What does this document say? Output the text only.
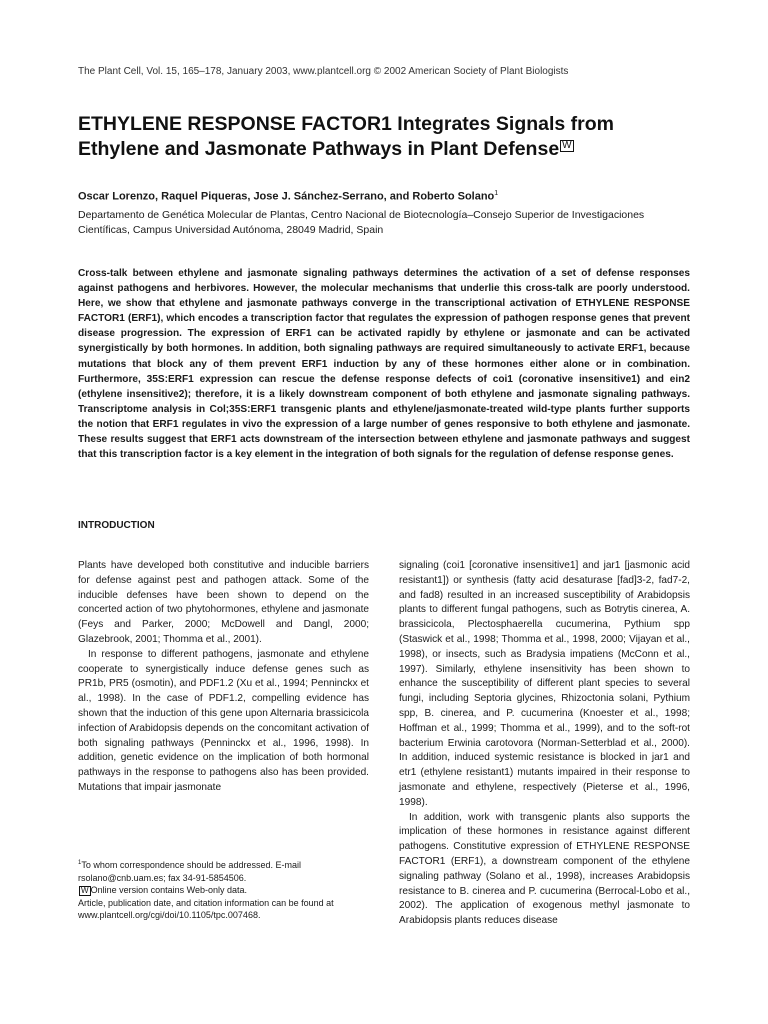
The Plant Cell, Vol. 15, 165–178, January 2003, www.plantcell.org © 2002 American Society of Plant Biologists
ETHYLENE RESPONSE FACTOR1 Integrates Signals from Ethylene and Jasmonate Pathways in Plant Defense W
Oscar Lorenzo, Raquel Piqueras, Jose J. Sánchez-Serrano, and Roberto Solano$^1$
Departamento de Genética Molecular de Plantas, Centro Nacional de Biotecnología–Consejo Superior de Investigaciones Científicas, Campus Universidad Autónoma, 28049 Madrid, Spain

Cross-talk between ethylene and jasmonate signaling pathways determines the activation of a set of defense responses against pathogens and herbivores. However, the molecular mechanisms that underlie this cross-talk are poorly understood. Here, we show that ethylene and jasmonate pathways converge in the transcriptional activation of ETHYLENE RESPONSE FACTOR1 (ERF1), which encodes a transcription factor that regulates the expression of pathogen response genes that prevent disease progression. The expression of ERF1 can be activated rapidly by ethylene or jasmonate and can be activated synergistically by both hormones. In addition, both signaling pathways are required simultaneously to activate ERF1, because mutations that block any of them prevent ERF1 induction by any of these hormones either alone or in combination. Furthermore, 35S:ERF1 expression can rescue the defense response defects of coi1 (coronative insensitive1) and ein2 (ethylene insensitive2); therefore, it is a likely downstream component of both ethylene and jasmonate signaling pathways. Transcriptome analysis in Col;35S:ERF1 transgenic plants and ethylene/jasmonate-treated wild-type plants further supports the notion that ERF1 regulates in vivo the expression of a large number of genes responsive to both ethylene and jasmonate. These results suggest that ERF1 acts downstream of the intersection between ethylene and jasmonate pathways and suggest that this transcription factor is a key element in the integration of both signals for the regulation of defense response genes.

INTRODUCTION

Plants have developed both constitutive and inducible barriers for defense against pest and pathogen attack. Some of the inducible defenses have been shown to depend on the concerted action of two phytohormones, ethylene and jasmonate (Feys and Parker, 2000; McDowell and Dangl, 2000; Glazebrook, 2001; Thomma et al., 2001).

In response to different pathogens, jasmonate and ethylene cooperate to synergistically induce defense genes such as PR1b, PR5 (osmotin), and PDF1.2 (Xu et al., 1994; Penninckx et al., 1998). In the case of PDF1.2, compelling evidence has shown that the induction of this gene upon Alternaria brassicicola infection of Arabidopsis depends on the concomitant activation of both signaling pathways (Penninckx et al., 1996, 1998). In addition, genetic evidence on the implication of both hormonal pathways in the response to pathogens also has been provided. Mutations that impair jasmonate

signaling (coi1 [coronative insensitive1] and jar1 [jasmonic acid resistant1]) or synthesis (fatty acid desaturase [fad]3-2, fad7-2, and fad8) resulted in an increased susceptibility of Arabidopsis plants to different fungal pathogens, such as Botrytis cinerea, A. brassicicola, Plectosphaerella cucumerina, Pythium spp (Staswick et al., 1998; Thomma et al., 1998, 2000; Vijayan et al., 1998), or insects, such as Bradysia impatiens (McConn et al., 1997). Similarly, ethylene insensitivity has been shown to enhance the susceptibility of different plant species to several fungi, including Septoria glycines, Rhizoctonia solani, Pythium spp, B. cinerea, and P. cucumerina (Knoester et al., 1998; Hoffman et al., 1999; Thomma et al., 1999), and to the soft-rot bacterium Erwinia carotovora (Norman-Setterblad et al., 2000). In addition, induced systemic resistance is blocked in jar1 and etr1 (ethylene resistant1) mutants impaired in their response to jasmonate and ethylene, respectively (Pieterse et al., 1996, 1998).

In addition, work with transgenic plants also supports the implication of these hormones in resistance against different pathogens. Constitutive expression of ETHYLENE RESPONSE FACTOR1 (ERF1), a downstream component of the ethylene signaling pathway (Solano et al., 1998), increases Arabidopsis resistance to B. cinerea and P. cucumerina (Berrocal-Lobo et al., 2002). The application of exogenous methyl jasmonate to Arabidopsis plants reduces disease

$^1$To whom correspondence should be addressed. E-mail rsolano@cnb.uam.es; fax 34-91-5854506.

W Online version contains Web-only data.

Article, publication date, and citation information can be found at www.plantcell.org/cgi/doi/10.1105/tpc.007468.
